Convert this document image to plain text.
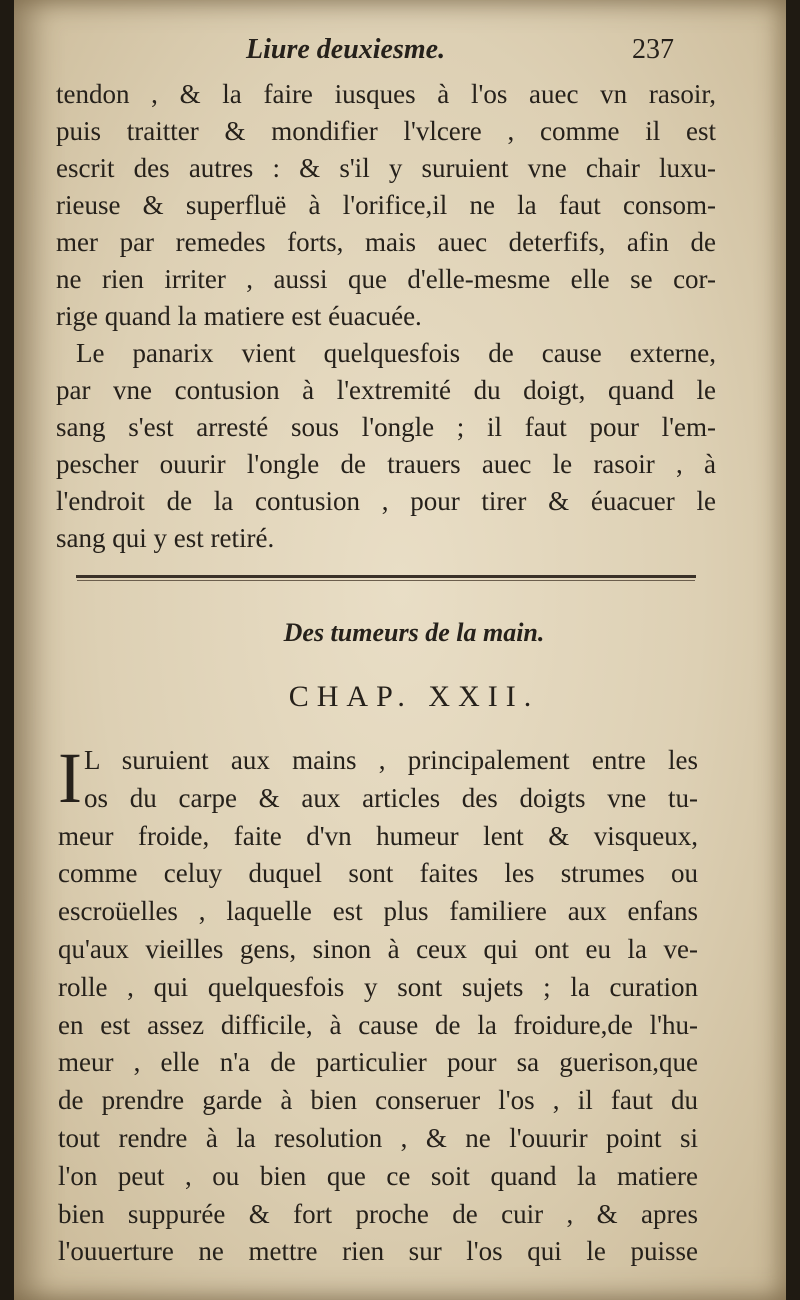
Liure deuxiesme.	237
tendon , & la faire iusques à l'os auec vn rasoir,
puis traitter & mondifier l'vlcere , comme il est
escrit des autres : & s'il y suruient vne chair luxu-
rieuse & superfluë à l'orifice,il ne la faut consom-
mer par remedes forts, mais auec deterfifs, afin de
ne rien irriter , aussi que d'elle-mesme elle se cor-
rige quand la matiere est éuacuée.
Le panarix vient quelquesfois de cause externe,
par vne contusion à l'extremité du doigt, quand le
sang s'est arresté sous l'ongle ; il faut pour l'em-
pescher ouurir l'ongle de trauers auec le rasoir , à
l'endroit de la contusion , pour tirer & éuacuer le
sang qui y est retiré.
Des tumeurs de la main.
CHAP. XXII.
I L suruient aux mains , principalement entre les
os du carpe & aux articles des doigts vne tu-
meur froide, faite d'vn humeur lent & visqueux,
comme celuy duquel sont faites les strumes ou
escroüelles , laquelle est plus familiere aux enfans
qu'aux vieilles gens, sinon à ceux qui ont eu la ve-
rolle , qui quelquesfois y sont sujets ; la curation
en est assez difficile, à cause de la froidure,de l'hu-
meur , elle n'a de particulier pour sa guerison,que
de prendre garde à bien conseruer l'os , il faut du
tout rendre à la resolution , & ne l'ouurir point si
l'on peut , ou bien que ce soit quand la matiere
bien suppurée & fort proche de cuir , & apres
l'ouuerture ne mettre rien sur l'os qui le puisse
